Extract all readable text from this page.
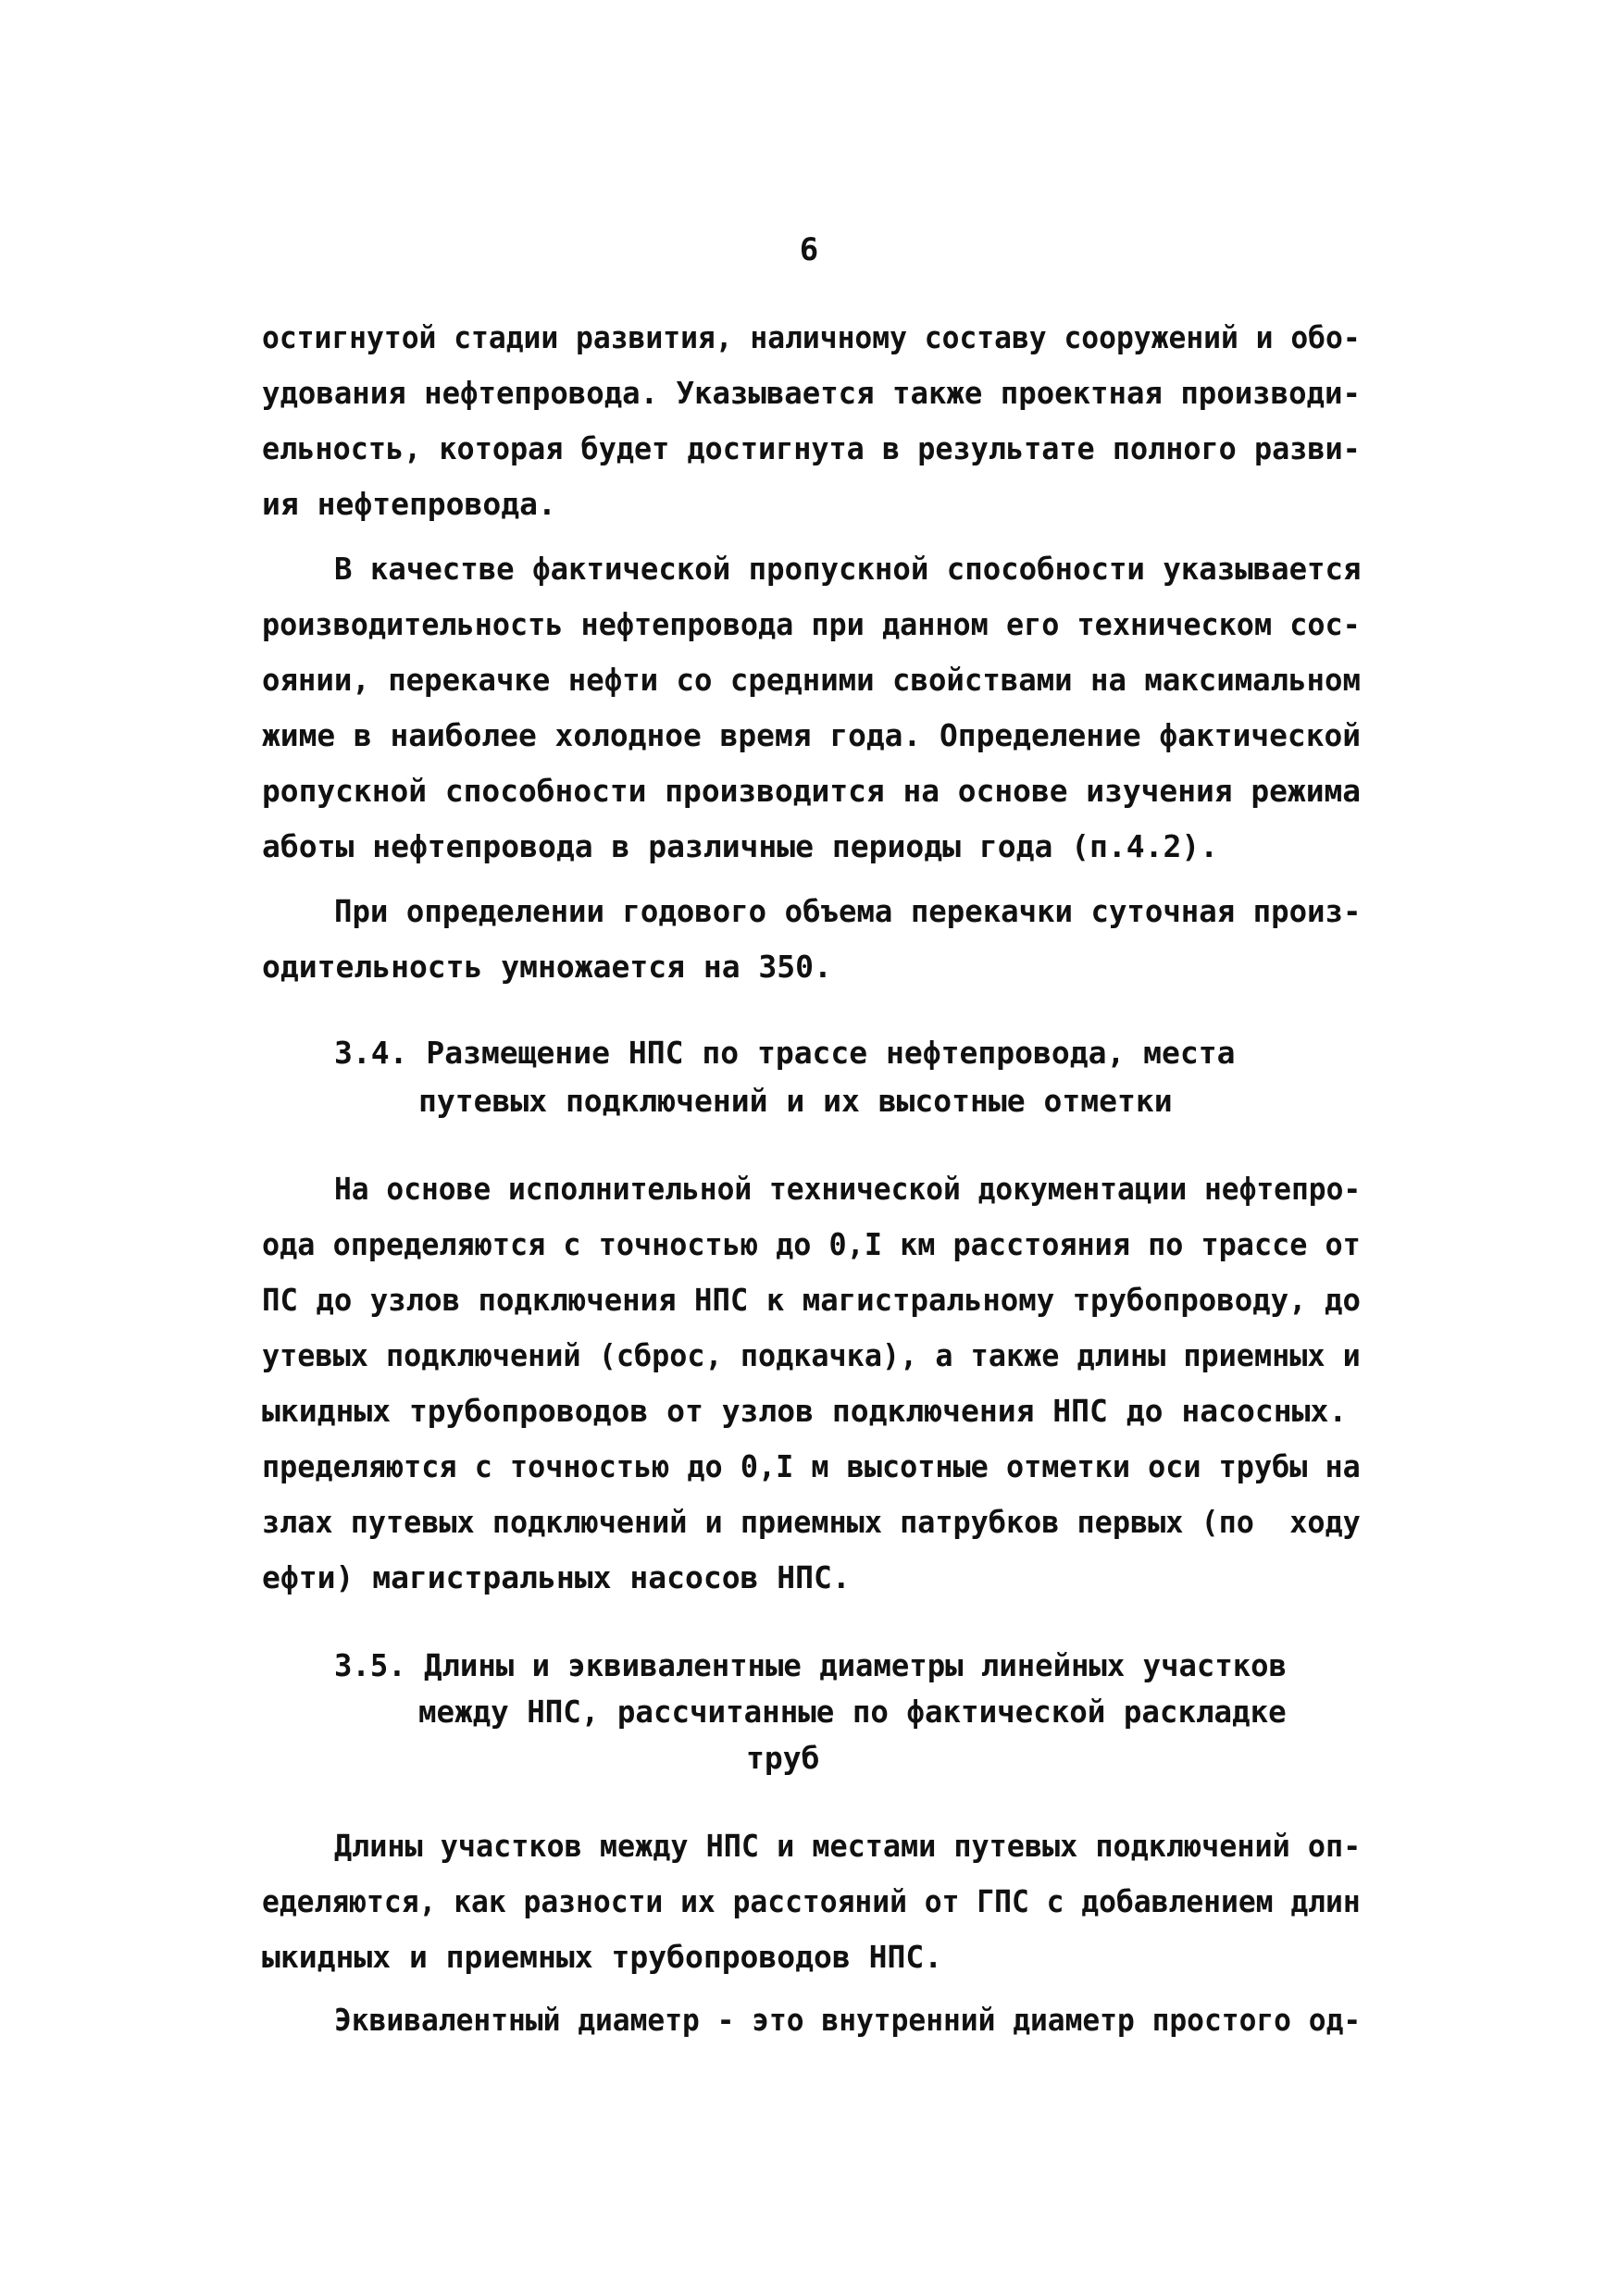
6
остигнутой стадии развития, наличному составу сооружений и обо-
удования нефтепровода. Указывается также проектная производи-
ельность, которая будет достигнута в результате полного разви-
ия нефтепровода.
В качестве фактической пропускной способности указывается
роизводительность нефтепровода при данном его техническом сос-
оянии, перекачке нефти со средними свойствами на максимальном
жиме в наиболее холодное время года. Определение фактической
ропускной способности производится на основе изучения режима
аботы нефтепровода в различные периоды года (п.4.2).
При определении годового объема перекачки суточная произ-
одительность умножается на 350.
3.4. Размещение НПС по трассе нефтепровода, места
путевых подключений и их высотные отметки
На основе исполнительной технической документации нефтепро-
ода определяются с точностью до 0,I км расстояния по трассе от
ПС до узлов подключения НПС к магистральному трубопроводу, до
утевых подключений (сброс, подкачка), а также длины приемных и
ыкидных трубопроводов от узлов подключения НПС до насосных.
пределяются с точностью до 0,I м высотные отметки оси трубы на
злах путевых подключений и приемных патрубков первых (по  ходу
ефти) магистральных насосов НПС.
3.5. Длины и эквивалентные диаметры линейных участков
между НПС, рассчитанные по фактической раскладке
труб
Длины участков между НПС и местами путевых подключений оп-
еделяются, как разности их расстояний от ГПС с добавлением длин
ыкидных и приемных трубопроводов НПС.
Эквивалентный диаметр - это внутренний диаметр простого од-
